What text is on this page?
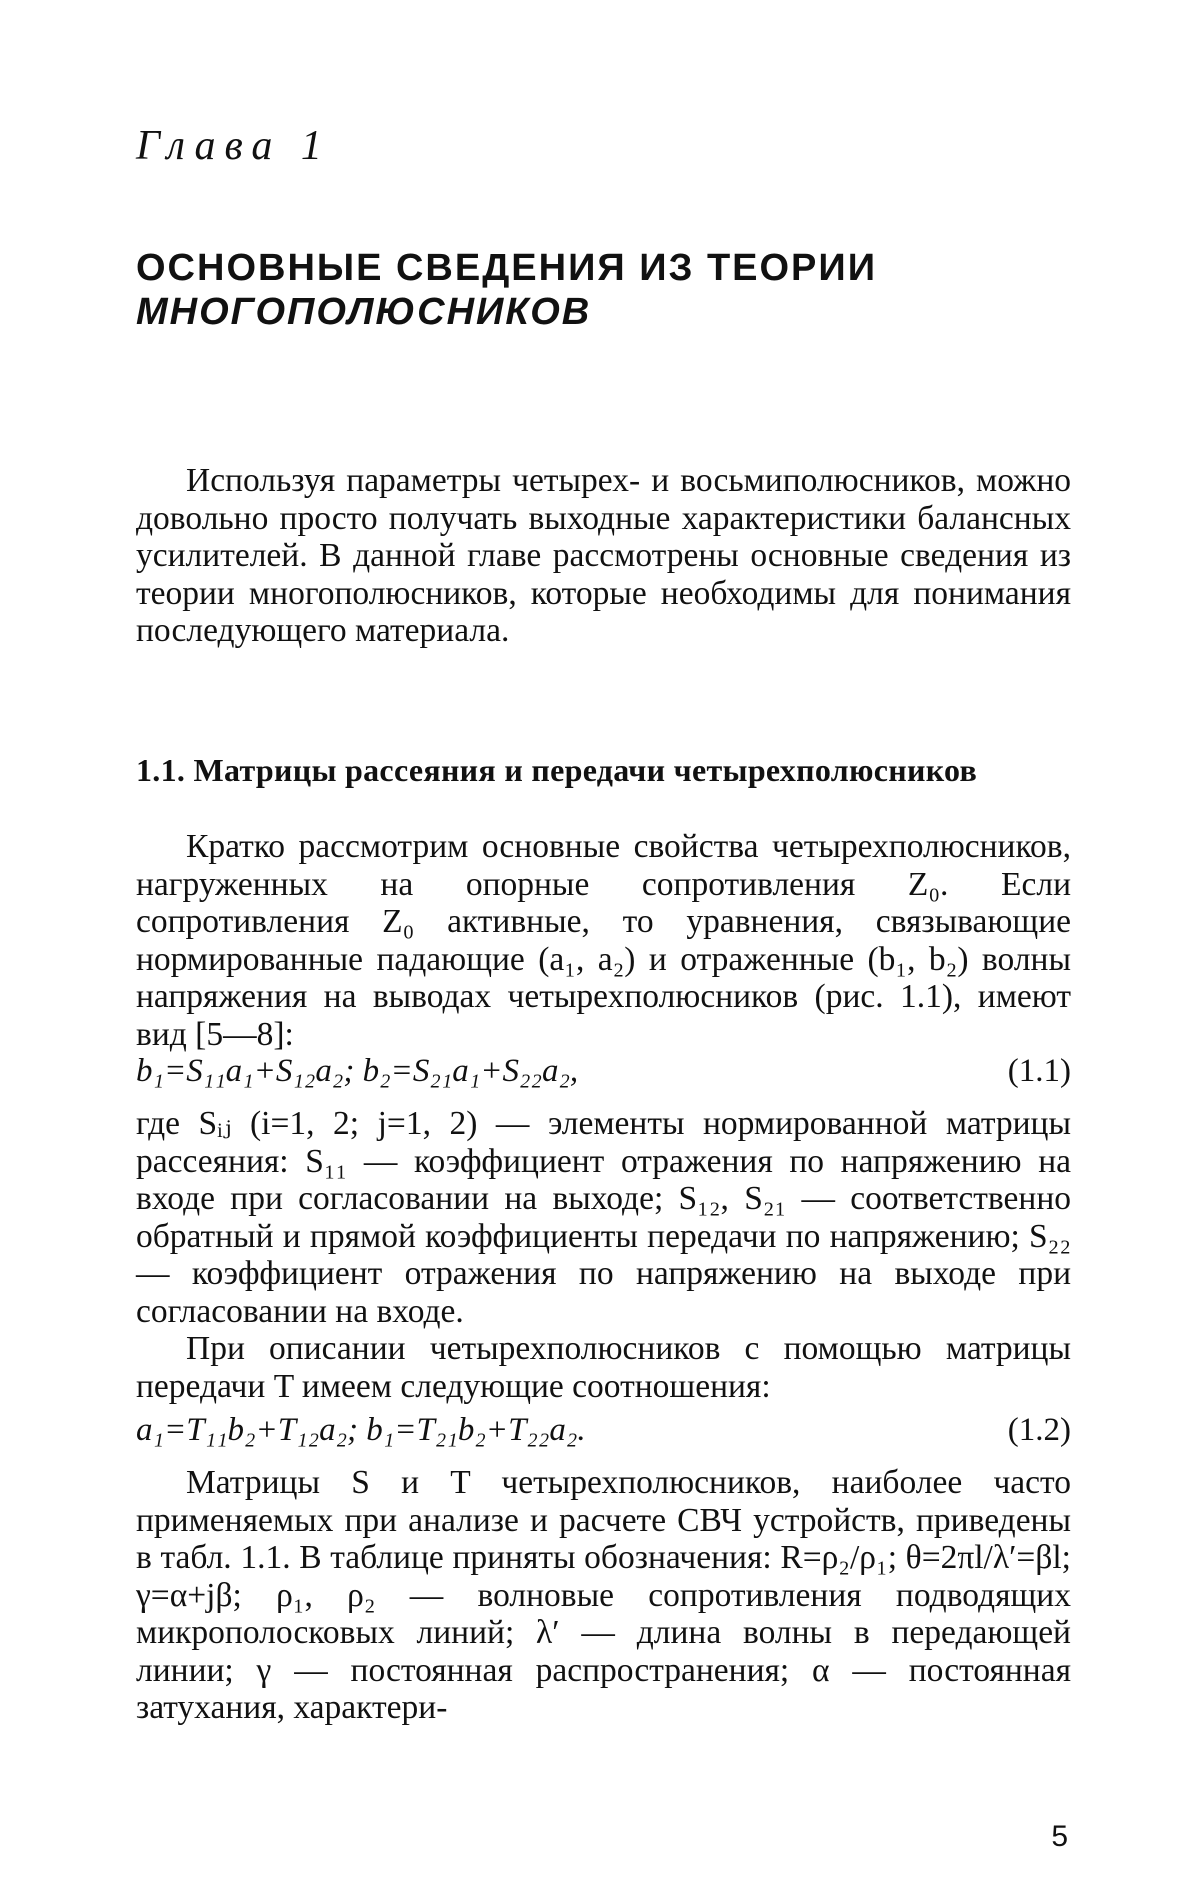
Глава 1
ОСНОВНЫЕ СВЕДЕНИЯ ИЗ ТЕОРИИ
МНОГОПОЛЮСНИКОВ

Используя параметры четырех- и восьмиполюсников, можно довольно просто получать выходные характеристики балансных усилителей. В данной главе рассмотрены основные сведения из теории многополюсников, которые необходимы для понимания последующего материала.

1.1. Матрицы рассеяния и передачи четырехполюсников

Кратко рассмотрим основные свойства четырехполюсников, нагруженных на опорные сопротивления Z₀. Если сопротивления Z₀ активные, то уравнения, связывающие нормированные падающие (a₁, a₂) и отраженные (b₁, b₂) волны напряжения на выводах четырехполюсников (рис. 1.1), имеют вид [5—8]:

b₁=S₁₁a₁+S₁₂a₂; b₂=S₂₁a₁+S₂₂a₂,	(1.1)

где Sᵢⱼ (i=1, 2; j=1, 2) — элементы нормированной матрицы рассеяния: S₁₁ — коэффициент отражения по напряжению на входе при согласовании на выходе; S₁₂, S₂₁ — соответственно обратный и прямой коэффициенты передачи по напряжению; S₂₂ — коэффициент отражения по напряжению на выходе при согласовании на входе.

При описании четырехполюсников с помощью матрицы передачи T имеем следующие соотношения:

a₁=T₁₁b₂+T₁₂a₂; b₁=T₂₁b₂+T₂₂a₂.	(1.2)

Матрицы S и T четырехполюсников, наиболее часто применяемых при анализе и расчете СВЧ устройств, приведены в табл. 1.1. В таблице приняты обозначения: R=ρ₂/ρ₁; θ=2πl/λ′=βl; γ=α+jβ; ρ₁, ρ₂ — волновые сопротивления подводящих микрополосковых линий; λ′ — длина волны в передающей линии; γ — постоянная распространения; α — постоянная затухания, характери-

5
